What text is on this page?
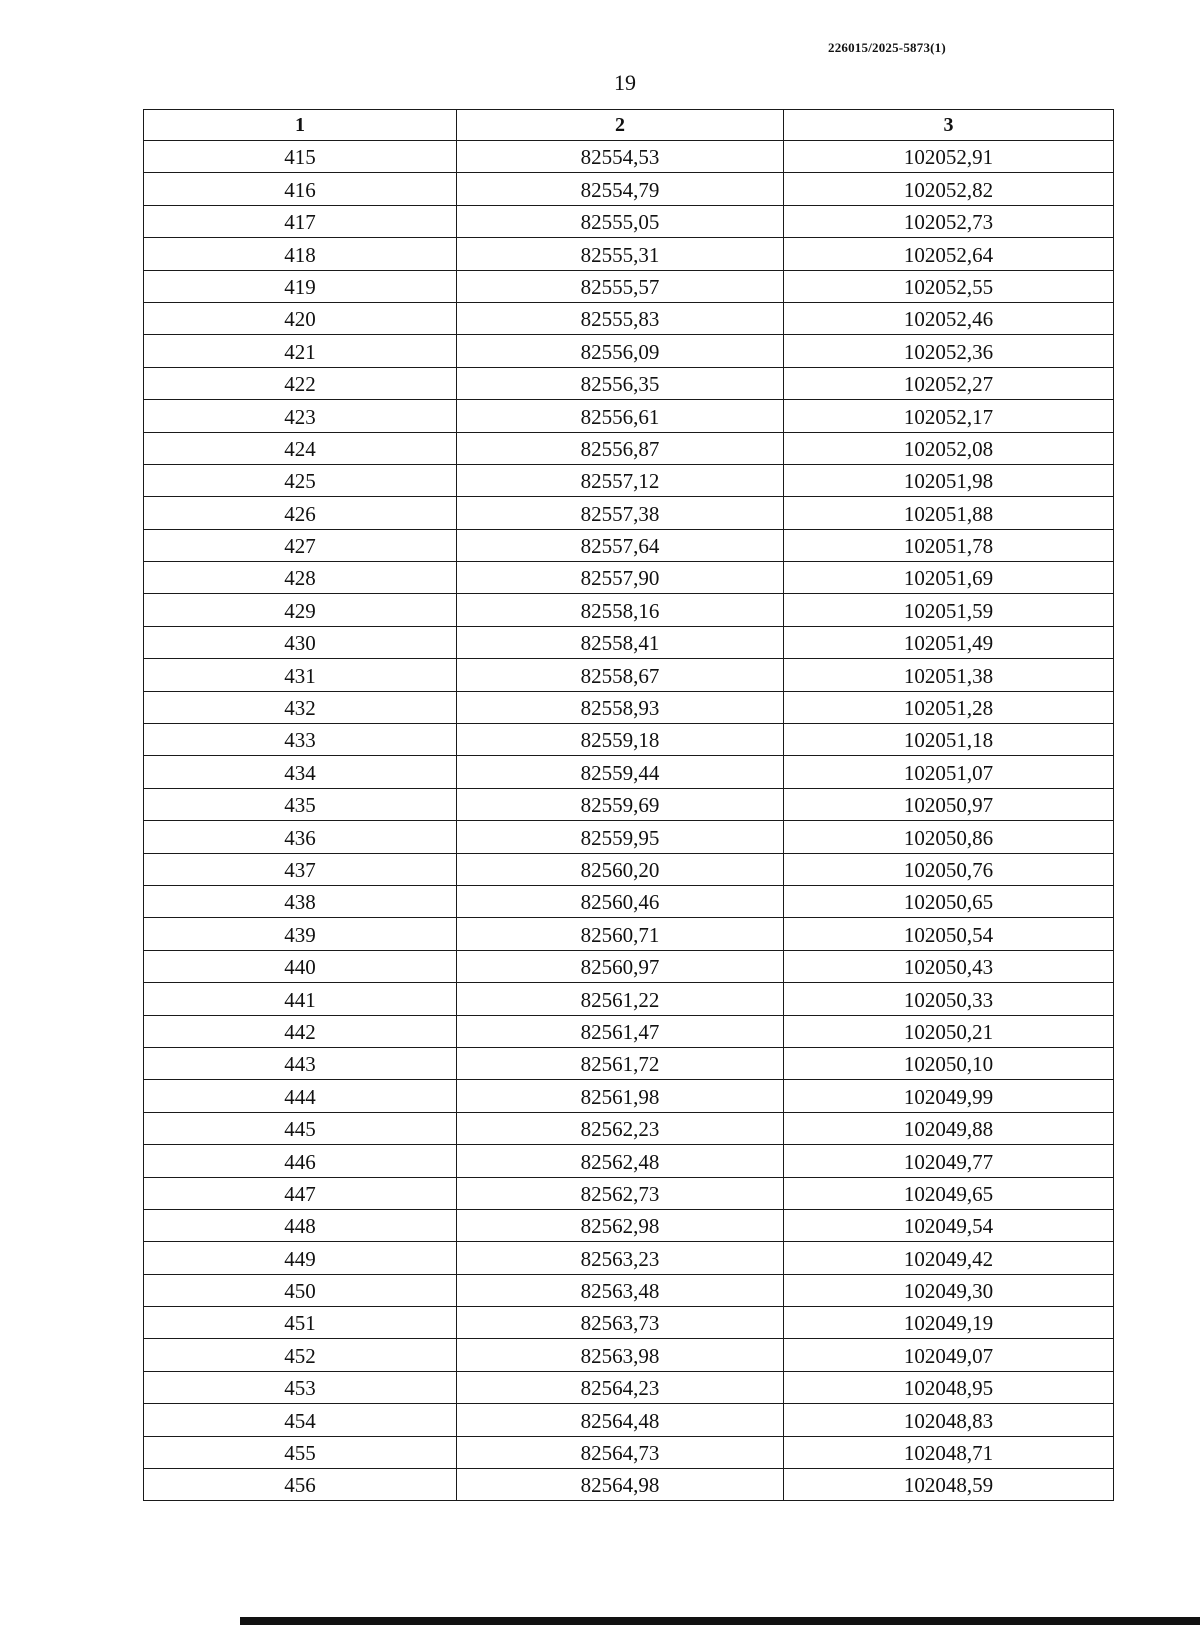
226015/2025-5873(1)
19
1	2	3
415	82554,53	102052,91
416	82554,79	102052,82
417	82555,05	102052,73
418	82555,31	102052,64
419	82555,57	102052,55
420	82555,83	102052,46
421	82556,09	102052,36
422	82556,35	102052,27
423	82556,61	102052,17
424	82556,87	102052,08
425	82557,12	102051,98
426	82557,38	102051,88
427	82557,64	102051,78
428	82557,90	102051,69
429	82558,16	102051,59
430	82558,41	102051,49
431	82558,67	102051,38
432	82558,93	102051,28
433	82559,18	102051,18
434	82559,44	102051,07
435	82559,69	102050,97
436	82559,95	102050,86
437	82560,20	102050,76
438	82560,46	102050,65
439	82560,71	102050,54
440	82560,97	102050,43
441	82561,22	102050,33
442	82561,47	102050,21
443	82561,72	102050,10
444	82561,98	102049,99
445	82562,23	102049,88
446	82562,48	102049,77
447	82562,73	102049,65
448	82562,98	102049,54
449	82563,23	102049,42
450	82563,48	102049,30
451	82563,73	102049,19
452	82563,98	102049,07
453	82564,23	102048,95
454	82564,48	102048,83
455	82564,73	102048,71
456	82564,98	102048,59
